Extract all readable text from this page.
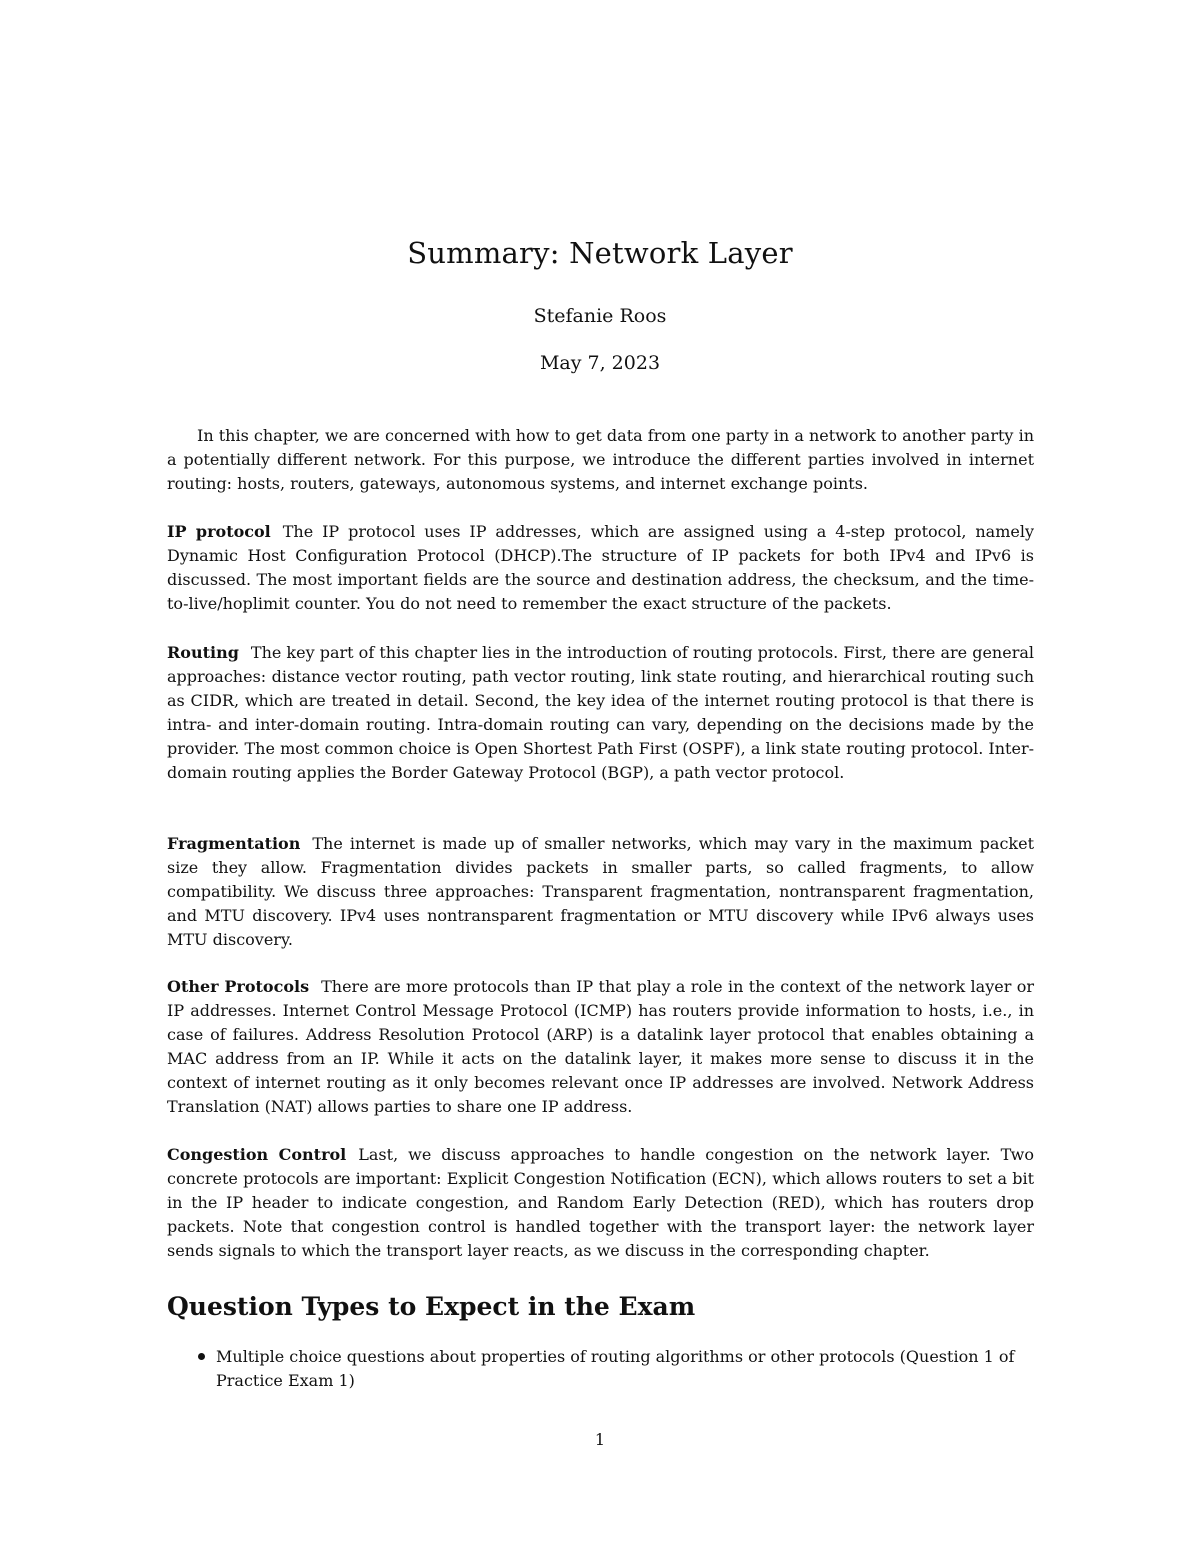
Summary: Network Layer
Stefanie Roos
May 7, 2023

In this chapter, we are concerned with how to get data from one party in a network to another party in a potentially different network. For this purpose, we introduce the different parties involved in internet routing: hosts, routers, gateways, autonomous systems, and internet exchange points.

IP protocol The IP protocol uses IP addresses, which are assigned using a 4-step protocol, namely Dynamic Host Configuration Protocol (DHCP).The structure of IP packets for both IPv4 and IPv6 is discussed. The most important fields are the source and destination address, the checksum, and the time-to-live/hoplimit counter. You do not need to remember the exact structure of the packets.

Routing The key part of this chapter lies in the introduction of routing protocols. First, there are general approaches: distance vector routing, path vector routing, link state routing, and hierarchical routing such as CIDR, which are treated in detail. Second, the key idea of the internet routing protocol is that there is intra- and inter-domain routing. Intra-domain routing can vary, depending on the decisions made by the provider. The most common choice is Open Shortest Path First (OSPF), a link state routing protocol. Inter-domain routing applies the Border Gateway Protocol (BGP), a path vector protocol.

Fragmentation The internet is made up of smaller networks, which may vary in the maximum packet size they allow. Fragmentation divides packets in smaller parts, so called fragments, to allow compatibility. We discuss three approaches: Transparent fragmentation, nontransparent fragmentation, and MTU discovery. IPv4 uses nontransparent fragmentation or MTU discovery while IPv6 always uses MTU discovery.

Other Protocols There are more protocols than IP that play a role in the context of the network layer or IP addresses. Internet Control Message Protocol (ICMP) has routers provide information to hosts, i.e., in case of failures. Address Resolution Protocol (ARP) is a datalink layer protocol that enables obtaining a MAC address from an IP. While it acts on the datalink layer, it makes more sense to discuss it in the context of internet routing as it only becomes relevant once IP addresses are involved. Network Address Translation (NAT) allows parties to share one IP address.

Congestion Control Last, we discuss approaches to handle congestion on the network layer. Two concrete protocols are important: Explicit Congestion Notification (ECN), which allows routers to set a bit in the IP header to indicate congestion, and Random Early Detection (RED), which has routers drop packets. Note that congestion control is handled together with the transport layer: the network layer sends signals to which the transport layer reacts, as we discuss in the corresponding chapter.

Question Types to Expect in the Exam
Multiple choice questions about properties of routing algorithms or other protocols (Question 1 of Practice Exam 1)
1
